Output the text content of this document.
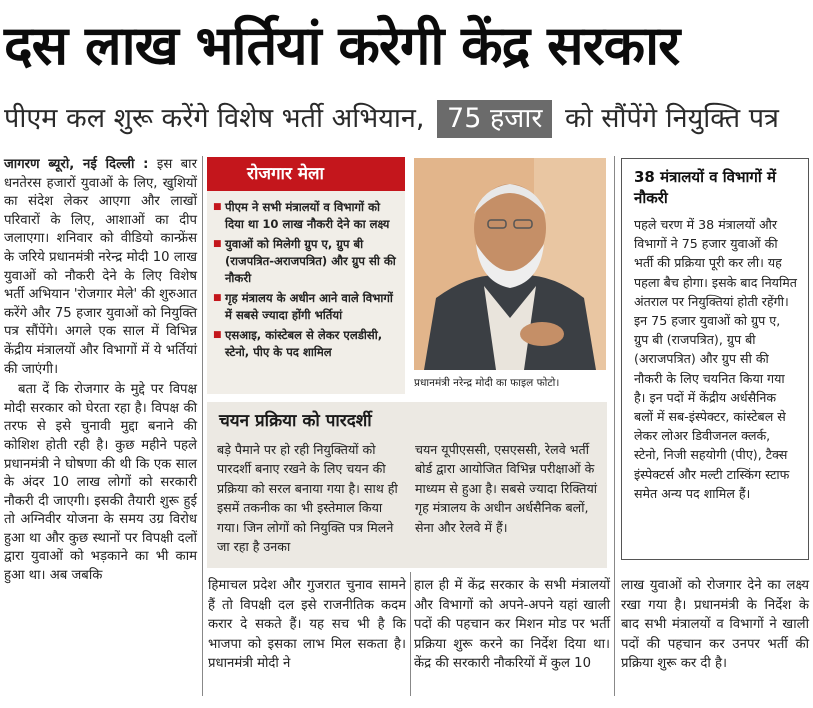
दस लाख भर्तियां करेगी केंद्र सरकार
पीएम कल शुरू करेंगे विशेष भर्ती अभियान, 75 हजार को सौंपेंगे नियुक्ति पत्र

जागरण ब्यूरो, नई दिल्ली : इस बार धनतेरस हजारों युवाओं के लिए, खुशियों का संदेश लेकर आएगा और लाखों परिवारों के लिए, आशाओं का दीप जलाएगा। शनिवार को वीडियो कान्फ्रेंस के जरिये प्रधानमंत्री नरेन्द्र मोदी 10 लाख युवाओं को नौकरी देने के लिए विशेष भर्ती अभियान 'रोजगार मेले' की शुरुआत करेंगे और 75 हजार युवाओं को नियुक्ति पत्र सौंपेंगे। अगले एक साल में विभिन्न केंद्रीय मंत्रालयों और विभागों में ये भर्तियां की जाएंगी।

बता दें कि रोजगार के मुद्दे पर विपक्ष मोदी सरकार को घेरता रहा है। विपक्ष की तरफ से इसे चुनावी मुद्दा बनाने की कोशिश होती रही है। कुछ महीने पहले प्रधानमंत्री ने घोषणा की थी कि एक साल के अंदर 10 लाख लोगों को सरकारी नौकरी दी जाएगी। इसकी तैयारी शुरू हुई तो अग्निवीर योजना के समय उग्र विरोध हुआ था और कुछ स्थानों पर विपक्षी दलों द्वारा युवाओं को भड़काने का भी काम हुआ था। अब जबकि

रोजगार मेला
■ पीएम ने सभी मंत्रालयों व विभागों को दिया था 10 लाख नौकरी देने का लक्ष्य
■ युवाओं को मिलेगी ग्रुप ए, ग्रुप बी (राजपत्रित-अराजपत्रित) और ग्रुप सी की नौकरी
■ गृह मंत्रालय के अधीन आने वाले विभागों में सबसे ज्यादा होंगी भर्तियां
■ एसआइ, कांस्टेबल से लेकर एलडीसी, स्टेनो, पीए के पद शामिल
प्रधानमंत्री नरेन्द्र मोदी का फाइल फोटो।
38 मंत्रालयों व विभागों में नौकरी

पहले चरण में 38 मंत्रालयों और विभागों ने 75 हजार युवाओं की भर्ती की प्रक्रिया पूरी कर ली। यह पहला बैच होगा। इसके बाद नियमित अंतराल पर नियुक्तियां होती रहेंगी। इन 75 हजार युवाओं को ग्रुप ए, ग्रुप बी (राजपत्रित), ग्रुप बी (अराजपत्रित) और ग्रुप सी की नौकरी के लिए चयनित किया गया है। इन पदों में केंद्रीय अर्धसैनिक बलों में सब-इंस्पेक्टर, कांस्टेबल से लेकर लोअर डिवीजनल क्लर्क, स्टेनो, निजी सहयोगी (पीए), टैक्स इंस्पेक्टर्स और मल्टी टास्किंग स्टाफ समेत अन्य पद शामिल हैं।

चयन प्रक्रिया को पारदर्शी
बड़े पैमाने पर हो रही नियुक्तियों को पारदर्शी बनाए रखने के लिए चयन की प्रक्रिया को सरल बनाया गया है। साथ ही इसमें तकनीक का भी इस्तेमाल किया गया। जिन लोगों को नियुक्ति पत्र मिलने जा रहा है उनका
चयन यूपीएससी, एसएससी, रेलवे भर्ती बोर्ड द्वारा आयोजित विभिन्न परीक्षाओं के माध्यम से हुआ है। सबसे ज्यादा रिक्तियां गृह मंत्रालय के अधीन अर्धसैनिक बलों, सेना और रेलवे में हैं।
हिमाचल प्रदेश और गुजरात चुनाव सामने हैं तो विपक्षी दल इसे राजनीतिक कदम करार दे सकते हैं। यह सच भी है कि भाजपा को इसका लाभ मिल सकता है। प्रधानमंत्री मोदी ने
हाल ही में केंद्र सरकार के सभी मंत्रालयों और विभागों को अपने-अपने यहां खाली पदों की पहचान कर मिशन मोड पर भर्ती प्रक्रिया शुरू करने का निर्देश दिया था। केंद्र की सरकारी नौकरियों में कुल 10
लाख युवाओं को रोजगार देने का लक्ष्य रखा गया है। प्रधानमंत्री के निर्देश के बाद सभी मंत्रालयों व विभागों ने खाली पदों की पहचान कर उनपर भर्ती की प्रक्रिया शुरू कर दी है।
